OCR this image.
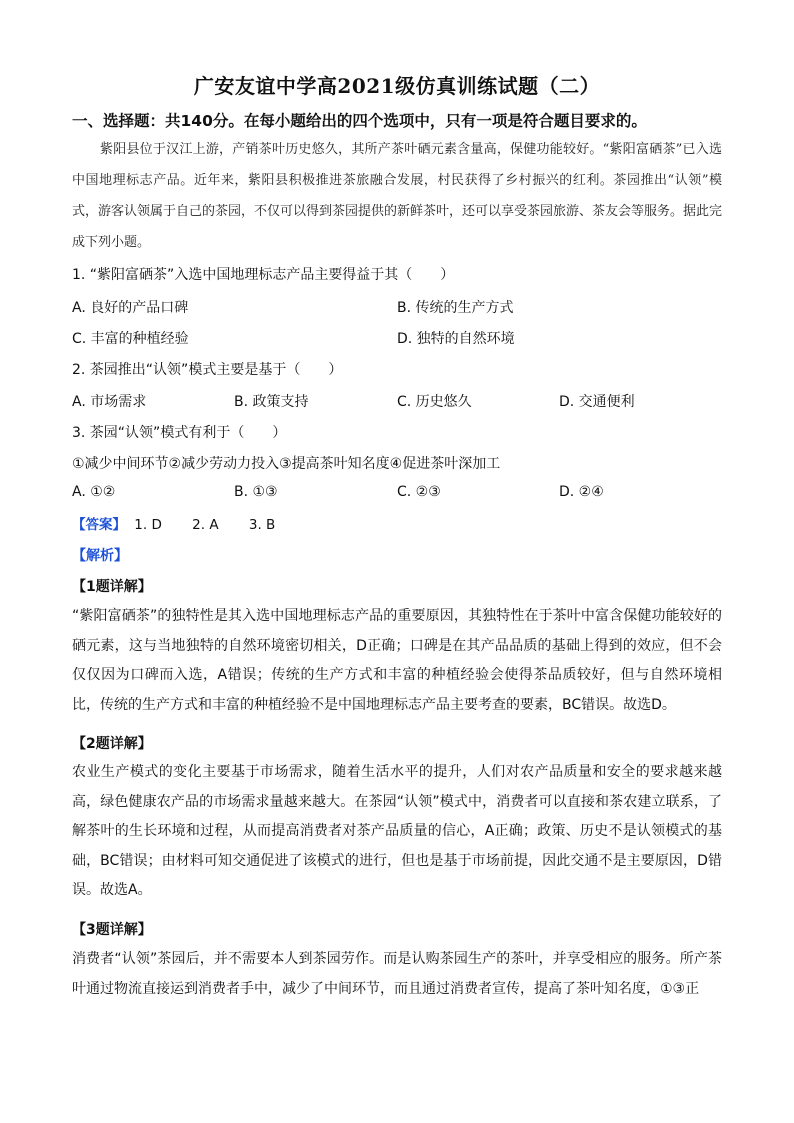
广安友谊中学高2021级仿真训练试题（二）
一、选择题：共140分。在每小题给出的四个选项中，只有一项是符合题目要求的。
紫阳县位于汉江上游，产销茶叶历史悠久，其所产茶叶硒元素含量高，保健功能较好。“紫阳富硒茶”已入选中国地理标志产品。近年来，紫阳县积极推进茶旅融合发展，村民获得了乡村振兴的红利。茶园推出“认领”模式，游客认领属于自己的茶园，不仅可以得到茶园提供的新鲜茶叶，还可以享受茶园旅游、茶友会等服务。据此完成下列小题。
1. “紫阳富硒茶”入选中国地理标志产品主要得益于其（　　）
A. 良好的产品口碑	B. 传统的生产方式
C. 丰富的种植经验	D. 独特的自然环境
2. 茶园推出“认领”模式主要是基于（　　）
A. 市场需求	B. 政策支持	C. 历史悠久	D. 交通便利
3. 茶园“认领”模式有利于（　　）
①减少中间环节②减少劳动力投入③提高茶叶知名度④促进茶叶深加工
A. ①②	B. ①③	C. ②③	D. ②④
【答案】 1. D 2. A 3. B
【解析】
【1题详解】
“紫阳富硒茶”的独特性是其入选中国地理标志产品的重要原因，其独特性在于茶叶中富含保健功能较好的硒元素，这与当地独特的自然环境密切相关，D正确；口碑是在其产品品质的基础上得到的效应，但不会仅仅因为口碑而入选，A错误；传统的生产方式和丰富的种植经验会使得茶品质较好，但与自然环境相比，传统的生产方式和丰富的种植经验不是中国地理标志产品主要考查的要素，BC错误。故选D。
【2题详解】
农业生产模式的变化主要基于市场需求，随着生活水平的提升，人们对农产品质量和安全的要求越来越高，绿色健康农产品的市场需求量越来越大。在茶园“认领”模式中，消费者可以直接和茶农建立联系，了解茶叶的生长环境和过程，从而提高消费者对茶产品质量的信心，A正确；政策、历史不是认领模式的基础，BC错误；由材料可知交通促进了该模式的进行，但也是基于市场前提，因此交通不是主要原因，D错误。故选A。
【3题详解】
消费者“认领”茶园后，并不需要本人到茶园劳作。而是认购茶园生产的茶叶，并享受相应的服务。所产茶叶通过物流直接运到消费者手中，减少了中间环节，而且通过消费者宣传，提高了茶叶知名度，①③正
